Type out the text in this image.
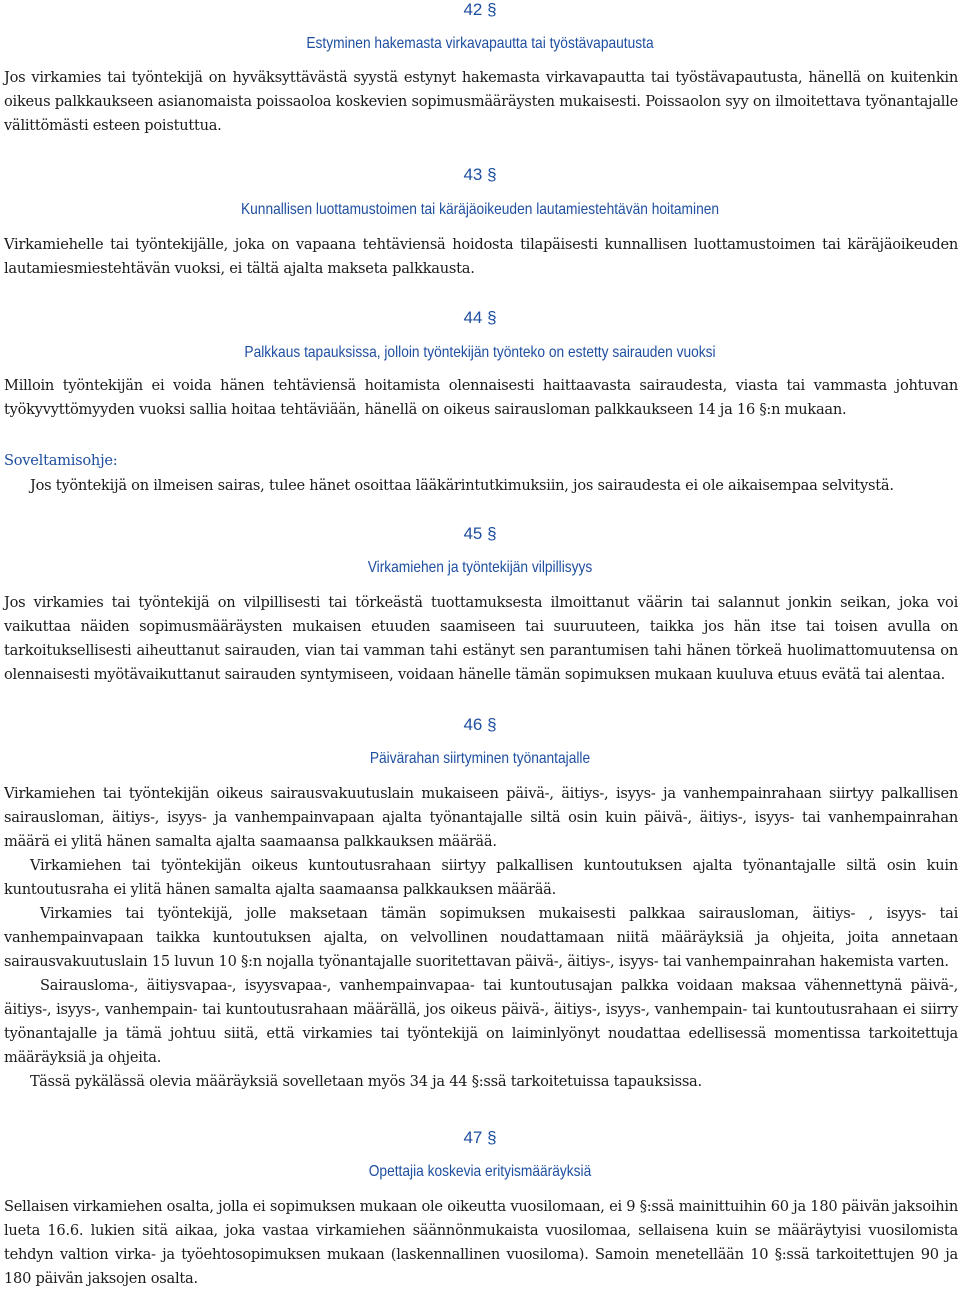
42 §
Estyminen hakemasta virkavapautta tai työstävapautusta

Jos virkamies tai työntekijä on hyväksyttävästä syystä estynyt hakemasta virkavapautta tai työstävapautusta, hänellä on kuitenkin oikeus palkkaukseen asianomaista poissaoloa koskevien sopimusmääräysten mukaisesti. Poissaolon syy on ilmoitettava työnantajalle välittömästi esteen poistuttua.

43 §
Kunnallisen luottamustoimen tai käräjäoikeuden lautamiestehtävän hoitaminen

Virkamiehelle tai työntekijälle, joka on vapaana tehtäviensä hoidosta tilapäisesti kunnallisen luottamustoimen tai käräjäoikeuden lautamiesmiestehtävän vuoksi, ei tältä ajalta makseta palkkausta.

44 §
Palkkaus tapauksissa, jolloin työntekijän työnteko on estetty sairauden vuoksi

Milloin työntekijän ei voida hänen tehtäviensä hoitamista olennaisesti haittaavasta sairaudesta, viasta tai vammasta johtuvan työkyvyttömyyden vuoksi sallia hoitaa tehtäviään, hänellä on oikeus sairausloman palkkaukseen 14 ja 16 §:n mukaan.

Soveltamisohje:

Jos työntekijä on ilmeisen sairas, tulee hänet osoittaa lääkärintutkimuksiin, jos sairaudesta ei ole aikaisempaa selvitystä.

45 §
Virkamiehen ja työntekijän vilpillisyys

Jos virkamies tai työntekijä on vilpillisesti tai törkeästä tuottamuksesta ilmoittanut väärin tai salannut jonkin seikan, joka voi vaikuttaa näiden sopimusmääräysten mukaisen etuuden saamiseen tai suuruuteen, taikka jos hän itse tai toisen avulla on tarkoituksellisesti aiheuttanut sairauden, vian tai vamman tahi estänyt sen parantumisen tahi hänen törkeä huolimattomuutensa on olennaisesti myötävaikuttanut sairauden syntymiseen, voidaan hänelle tämän sopimuksen mukaan kuuluva etuus evätä tai alentaa.

46 §
Päivärahan siirtyminen työnantajalle

Virkamiehen tai työntekijän oikeus sairausvakuutuslain mukaiseen päivä-, äitiys-, isyys- ja vanhempainrahaan siirtyy palkallisen sairausloman, äitiys-, isyys- ja vanhempainvapaan ajalta työnantajalle siltä osin kuin päivä-, äitiys-, isyys- tai vanhempainrahan määrä ei ylitä hänen samalta ajalta saamaansa palkkauksen määrää.

Virkamiehen tai työntekijän oikeus kuntoutusrahaan siirtyy palkallisen kuntoutuksen ajalta työnantajalle siltä osin kuin kuntoutusraha ei ylitä hänen samalta ajalta saamaansa palkkauksen määrää.

Virkamies tai työntekijä, jolle maksetaan tämän sopimuksen mukaisesti palkkaa sairausloman, äitiys- , isyys- tai vanhempainvapaan taikka kuntoutuksen ajalta, on velvollinen noudattamaan niitä määräyksiä ja ohjeita, joita annetaan sairausvakuutuslain 15 luvun 10 §:n nojalla työnantajalle suoritettavan päivä-, äitiys-, isyys- tai vanhempainrahan hakemista varten.

Sairausloma-, äitiysvapaa-, isyysvapaa-, vanhempainvapaa- tai kuntoutusajan palkka voidaan maksaa vähennettynä päivä-, äitiys-, isyys-, vanhempain- tai kuntoutusrahaan määrällä, jos oikeus päivä-, äitiys-, isyys-, vanhempain- tai kuntoutusrahaan ei siirry työnantajalle ja tämä johtuu siitä, että virkamies tai työntekijä on laiminlyönyt noudattaa edellisessä momentissa tarkoitettuja määräyksiä ja ohjeita.

Tässä pykälässä olevia määräyksiä sovelletaan myös 34 ja 44 §:ssä tarkoitetuissa tapauksissa.

47 §
Opettajia koskevia erityismääräyksiä

Sellaisen virkamiehen osalta, jolla ei sopimuksen mukaan ole oikeutta vuosilomaan, ei 9 §:ssä mainittuihin 60 ja 180 päivän jaksoihin lueta 16.6. lukien sitä aikaa, joka vastaa virkamiehen säännönmukaista vuosilomaa, sellaisena kuin se määräytyisi vuosilomista tehdyn valtion virka- ja työehtosopimuksen mukaan (laskennallinen vuosiloma). Samoin menetellään 10 §:ssä tarkoitettujen 90 ja 180 päivän jaksojen osalta.
